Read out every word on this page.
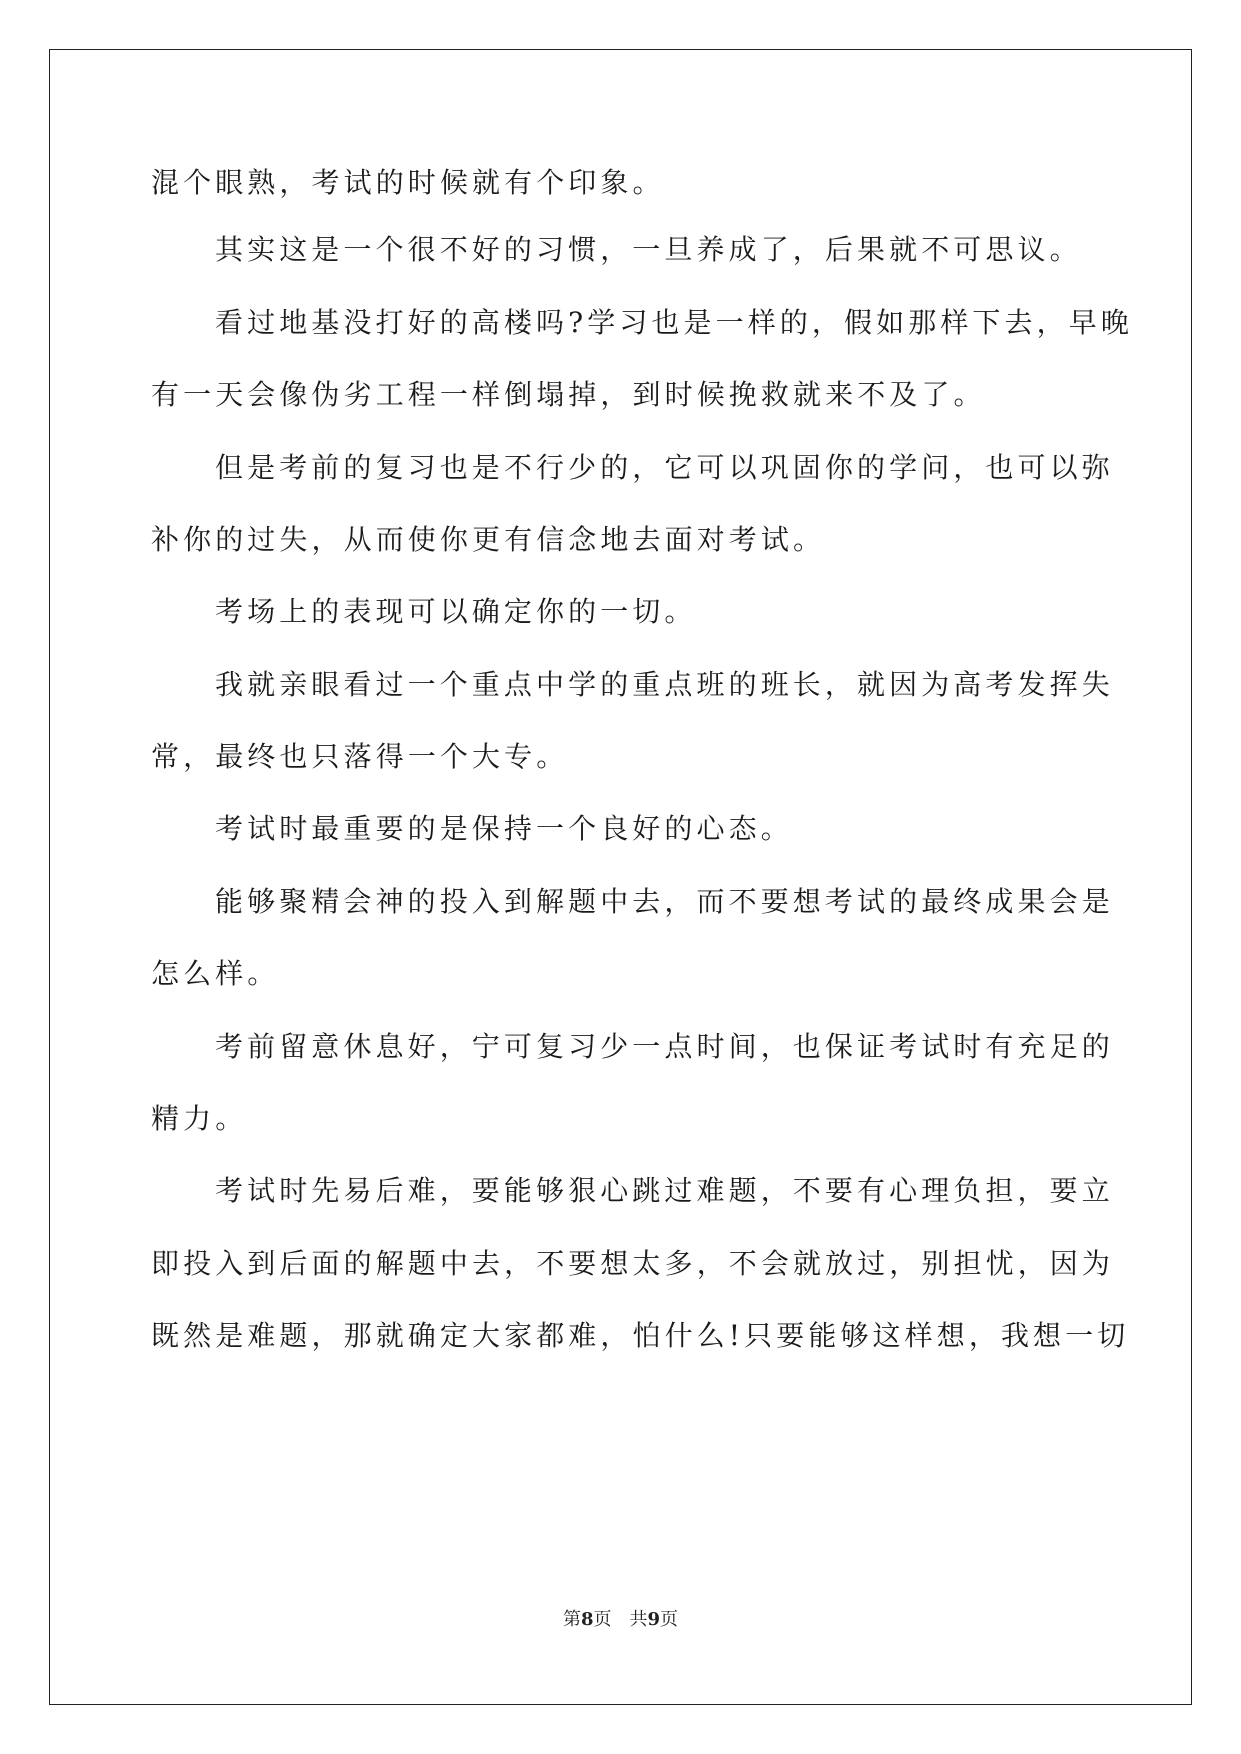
混个眼熟，考试的时候就有个印象。
其实这是一个很不好的习惯，一旦养成了，后果就不可思议。
看过地基没打好的高楼吗?学习也是一样的，假如那样下去，早晚
有一天会像伪劣工程一样倒塌掉，到时候挽救就来不及了。
但是考前的复习也是不行少的，它可以巩固你的学问，也可以弥
补你的过失，从而使你更有信念地去面对考试。
考场上的表现可以确定你的一切。
我就亲眼看过一个重点中学的重点班的班长，就因为高考发挥失
常，最终也只落得一个大专。
考试时最重要的是保持一个良好的心态。
能够聚精会神的投入到解题中去，而不要想考试的最终成果会是
怎么样。
考前留意休息好，宁可复习少一点时间，也保证考试时有充足的
精力。
考试时先易后难，要能够狠心跳过难题，不要有心理负担，要立
即投入到后面的解题中去，不要想太多，不会就放过，别担忧，因为
既然是难题，那就确定大家都难，怕什么!只要能够这样想，我想一切
第8页　共9页
